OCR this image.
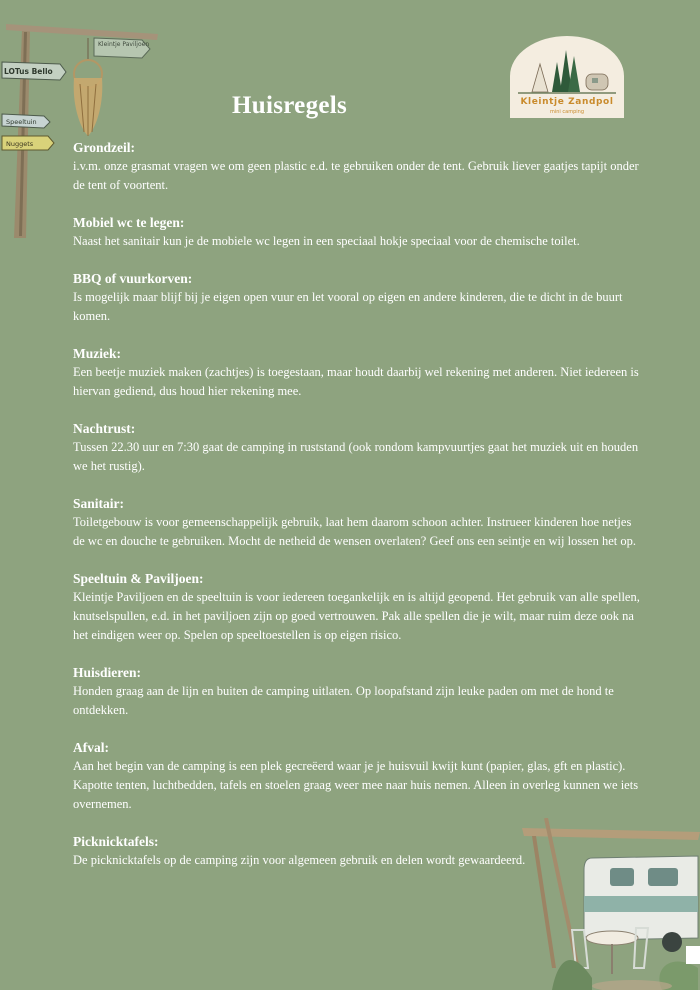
Kleintje Paviljoen
LOTus Bello
Speeltuin
Nuggets
Kleintje Zandpol
mini camping
Huisregels

Grondzeil:

i.v.m. onze grasmat vragen we om geen plastic e.d. te gebruiken onder de tent. Gebruik liever gaatjes tapijt onder de tent of voortent.

Mobiel wc te legen:

Naast het sanitair kun je de mobiele wc legen in een speciaal hokje speciaal voor de chemische toilet.

BBQ of vuurkorven:

Is mogelijk maar blijf bij je eigen open vuur en let vooral op eigen en andere kinderen, die te dicht in de buurt komen.

Muziek:

Een beetje muziek maken (zachtjes) is toegestaan, maar houdt daarbij wel rekening met anderen. Niet iedereen is hiervan gediend, dus houd hier rekening mee.

Nachtrust:

Tussen 22.30 uur en 7:30 gaat de camping in ruststand (ook rondom kampvuurtjes gaat het muziek uit en houden we het rustig).

Sanitair:

Toiletgebouw is voor gemeenschappelijk gebruik, laat hem daarom schoon achter. Instrueer kinderen hoe netjes de wc en douche te gebruiken. Mocht de netheid de wensen overlaten? Geef ons een seintje en wij lossen het op.

Speeltuin & Paviljoen:

Kleintje Paviljoen en de speeltuin is voor iedereen toegankelijk en is altijd geopend. Het gebruik van alle spellen, knutselspullen, e.d. in het paviljoen zijn op goed vertrouwen. Pak alle spellen die je wilt, maar ruim deze ook na het eindigen weer op. Spelen op speeltoestellen is op eigen risico.

Huisdieren:

Honden graag aan de lijn en buiten de camping uitlaten. Op loopafstand zijn leuke paden om met de hond te ontdekken.

Afval:

Aan het begin van de camping is een plek gecreëerd waar je je huisvuil kwijt kunt (papier, glas, gft en plastic). Kapotte tenten, luchtbedden, tafels en stoelen graag weer mee naar huis nemen. Alleen in overleg kunnen we iets overnemen.

Picknicktafels:

De picknicktafels op de camping zijn voor algemeen gebruik en delen wordt gewaardeerd.
